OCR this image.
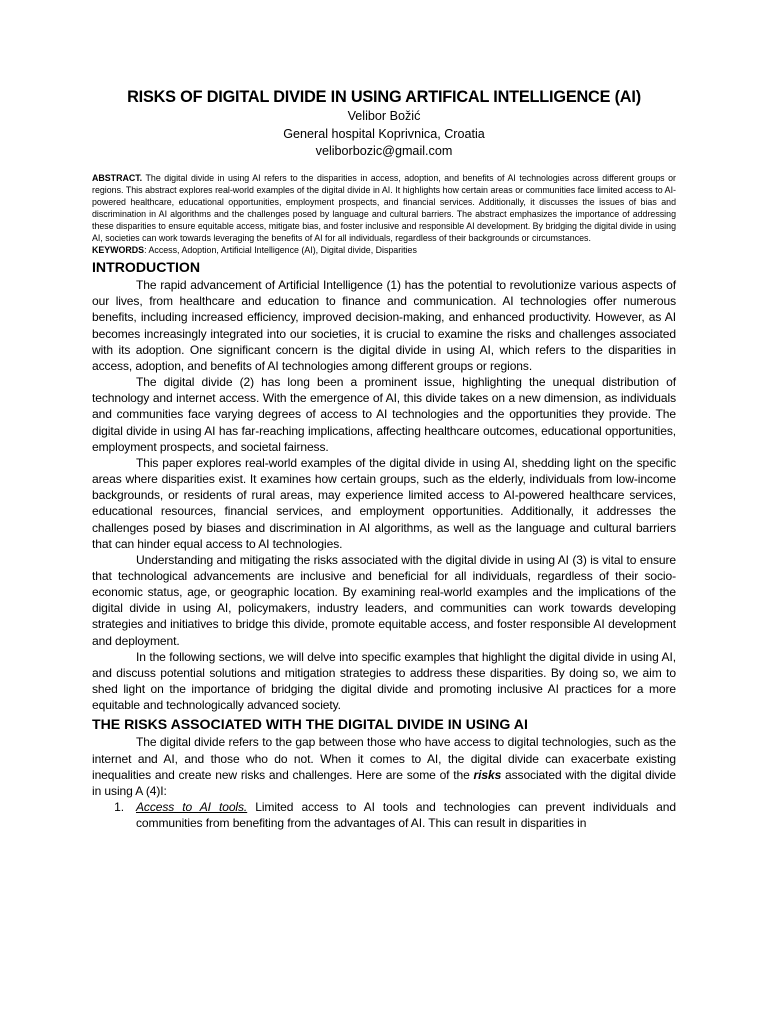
RISKS OF DIGITAL DIVIDE IN USING ARTIFICAL INTELLIGENCE (AI)

Velibor Božić

General hospital Koprivnica, Croatia

veliborbozic@gmail.com

ABSTRACT. The digital divide in using AI refers to the disparities in access, adoption, and benefits of AI technologies across different groups or regions. This abstract explores real-world examples of the digital divide in AI. It highlights how certain areas or communities face limited access to AI-powered healthcare, educational opportunities, employment prospects, and financial services. Additionally, it discusses the issues of bias and discrimination in AI algorithms and the challenges posed by language and cultural barriers. The abstract emphasizes the importance of addressing these disparities to ensure equitable access, mitigate bias, and foster inclusive and responsible AI development. By bridging the digital divide in using AI, societies can work towards leveraging the benefits of AI for all individuals, regardless of their backgrounds or circumstances.

KEYWORDS: Access, Adoption, Artificial Intelligence (AI), Digital divide, Disparities

INTRODUCTION

The rapid advancement of Artificial Intelligence (1) has the potential to revolutionize various aspects of our lives, from healthcare and education to finance and communication. AI technologies offer numerous benefits, including increased efficiency, improved decision-making, and enhanced productivity. However, as AI becomes increasingly integrated into our societies, it is crucial to examine the risks and challenges associated with its adoption. One significant concern is the digital divide in using AI, which refers to the disparities in access, adoption, and benefits of AI technologies among different groups or regions.

The digital divide (2) has long been a prominent issue, highlighting the unequal distribution of technology and internet access. With the emergence of AI, this divide takes on a new dimension, as individuals and communities face varying degrees of access to AI technologies and the opportunities they provide. The digital divide in using AI has far-reaching implications, affecting healthcare outcomes, educational opportunities, employment prospects, and societal fairness.

This paper explores real-world examples of the digital divide in using AI, shedding light on the specific areas where disparities exist. It examines how certain groups, such as the elderly, individuals from low-income backgrounds, or residents of rural areas, may experience limited access to AI-powered healthcare services, educational resources, financial services, and employment opportunities. Additionally, it addresses the challenges posed by biases and discrimination in AI algorithms, as well as the language and cultural barriers that can hinder equal access to AI technologies.

Understanding and mitigating the risks associated with the digital divide in using AI (3) is vital to ensure that technological advancements are inclusive and beneficial for all individuals, regardless of their socio-economic status, age, or geographic location. By examining real-world examples and the implications of the digital divide in using AI, policymakers, industry leaders, and communities can work towards developing strategies and initiatives to bridge this divide, promote equitable access, and foster responsible AI development and deployment.

In the following sections, we will delve into specific examples that highlight the digital divide in using AI, and discuss potential solutions and mitigation strategies to address these disparities. By doing so, we aim to shed light on the importance of bridging the digital divide and promoting inclusive AI practices for a more equitable and technologically advanced society.

THE RISKS ASSOCIATED WITH THE DIGITAL DIVIDE IN USING AI

The digital divide refers to the gap between those who have access to digital technologies, such as the internet and AI, and those who do not. When it comes to AI, the digital divide can exacerbate existing inequalities and create new risks and challenges. Here are some of the risks associated with the digital divide in using A (4)I:

1. Access to AI tools. Limited access to AI tools and technologies can prevent individuals and communities from benefiting from the advantages of AI. This can result in disparities in
